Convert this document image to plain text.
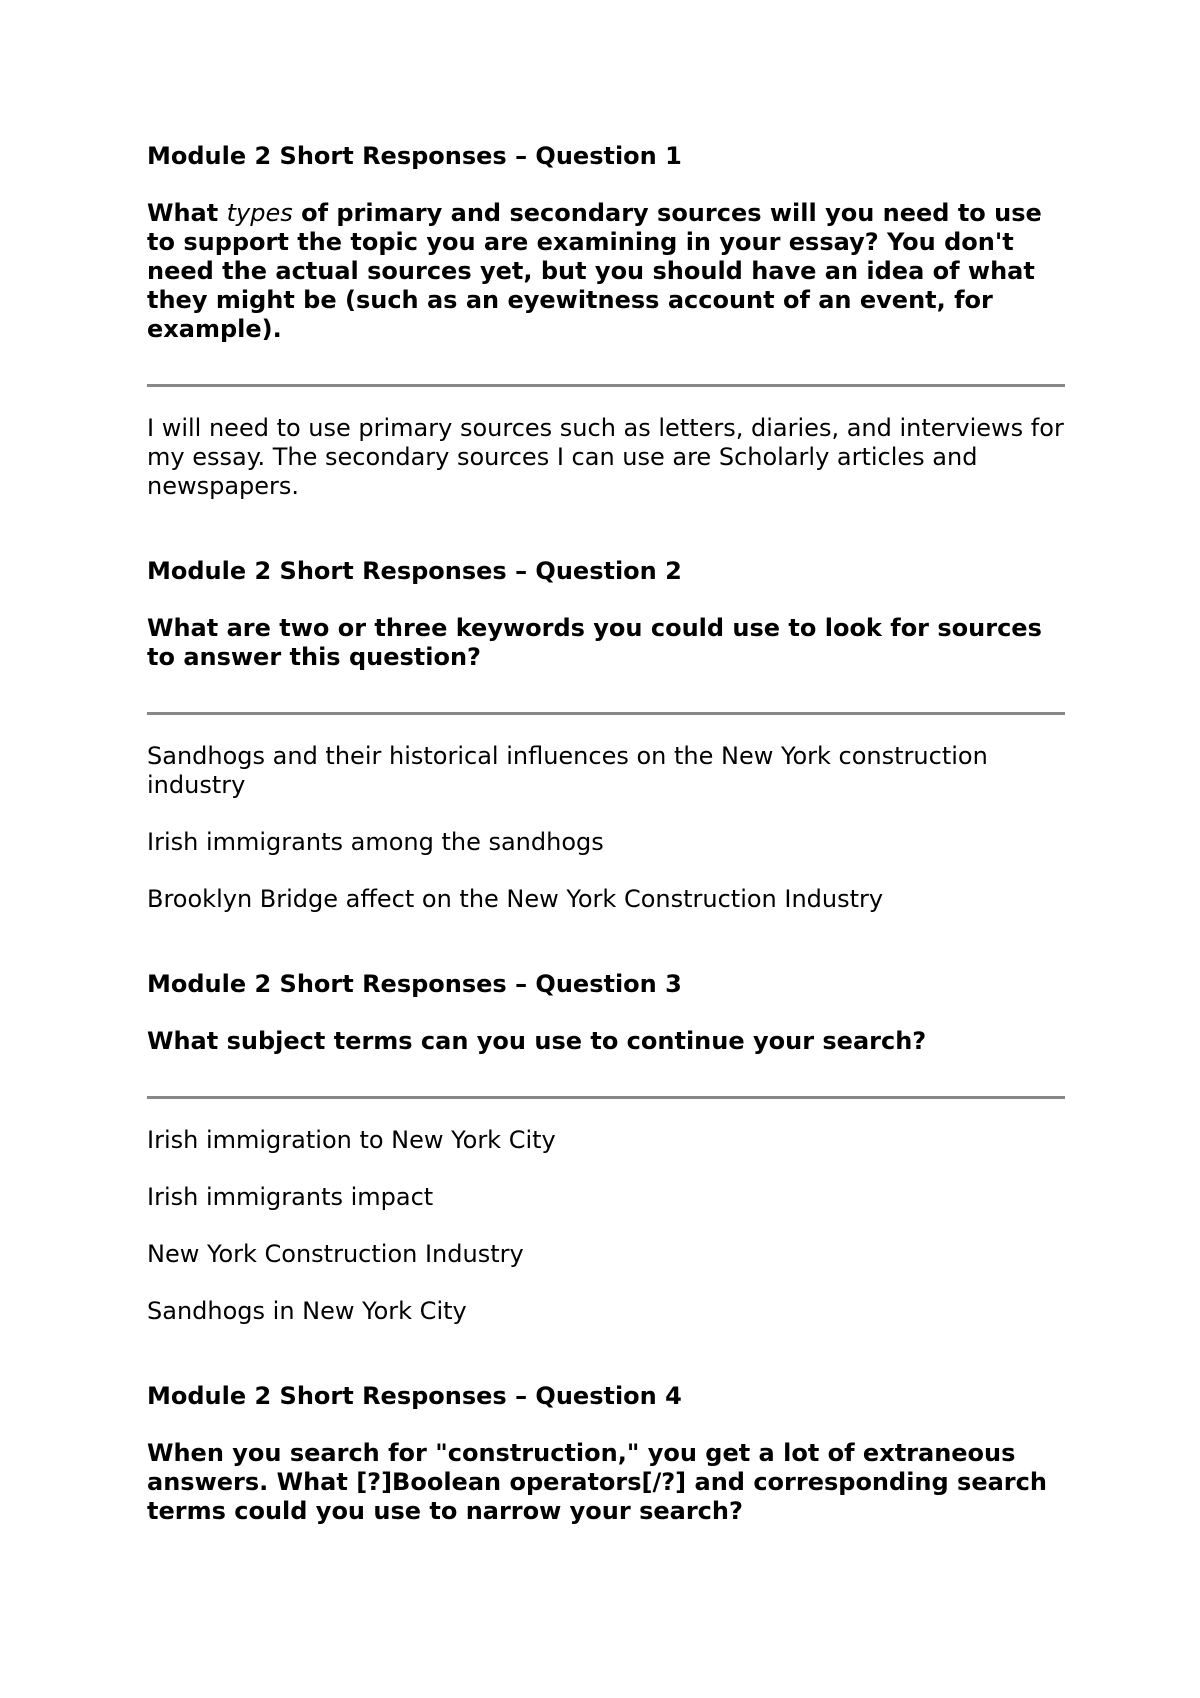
Module 2 Short Responses – Question 1

What types of primary and secondary sources will you need to use to support the topic you are examining in your essay? You don't need the actual sources yet, but you should have an idea of what they might be (such as an eyewitness account of an event, for example).

I will need to use primary sources such as letters, diaries, and interviews for my essay. The secondary sources I can use are Scholarly articles and newspapers.

Module 2 Short Responses – Question 2

What are two or three keywords you could use to look for sources to answer this question?

Sandhogs and their historical influences on the New York construction industry

Irish immigrants among the sandhogs

Brooklyn Bridge affect on the New York Construction Industry

Module 2 Short Responses – Question 3

What subject terms can you use to continue your search?

Irish immigration to New York City

Irish immigrants impact

New York Construction Industry

Sandhogs in New York City

Module 2 Short Responses – Question 4

When you search for "construction," you get a lot of extraneous answers. What [?]Boolean operators[/?] and corresponding search terms could you use to narrow your search?
